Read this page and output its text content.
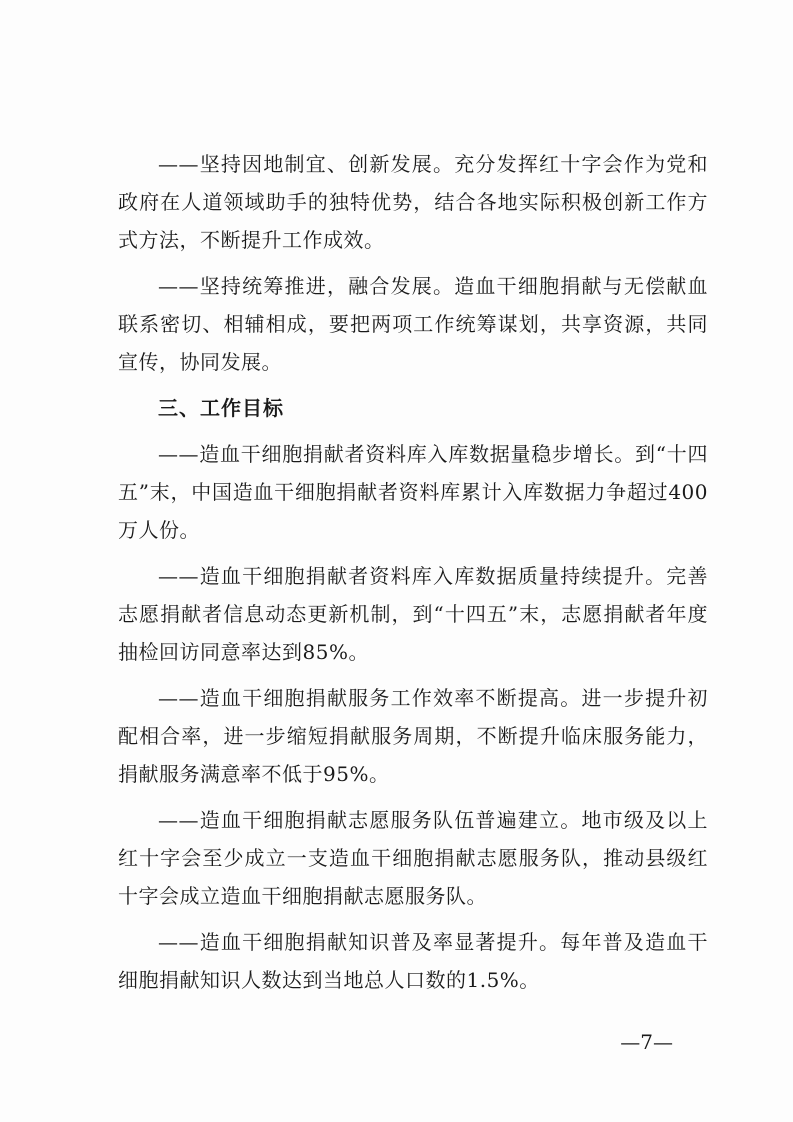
——坚持因地制宜、创新发展。充分发挥红十字会作为党和政府在人道领域助手的独特优势，结合各地实际积极创新工作方式方法，不断提升工作成效。

——坚持统筹推进，融合发展。造血干细胞捐献与无偿献血联系密切、相辅相成，要把两项工作统筹谋划，共享资源，共同宣传，协同发展。

三、工作目标

——造血干细胞捐献者资料库入库数据量稳步增长。到“十四五”末，中国造血干细胞捐献者资料库累计入库数据力争超过400万人份。

——造血干细胞捐献者资料库入库数据质量持续提升。完善志愿捐献者信息动态更新机制，到“十四五”末，志愿捐献者年度抽检回访同意率达到85%。

——造血干细胞捐献服务工作效率不断提高。进一步提升初配相合率，进一步缩短捐献服务周期，不断提升临床服务能力，捐献服务满意率不低于95%。

——造血干细胞捐献志愿服务队伍普遍建立。地市级及以上红十字会至少成立一支造血干细胞捐献志愿服务队，推动县级红十字会成立造血干细胞捐献志愿服务队。

——造血干细胞捐献知识普及率显著提升。每年普及造血干细胞捐献知识人数达到当地总人口数的1.5%。

—7—
